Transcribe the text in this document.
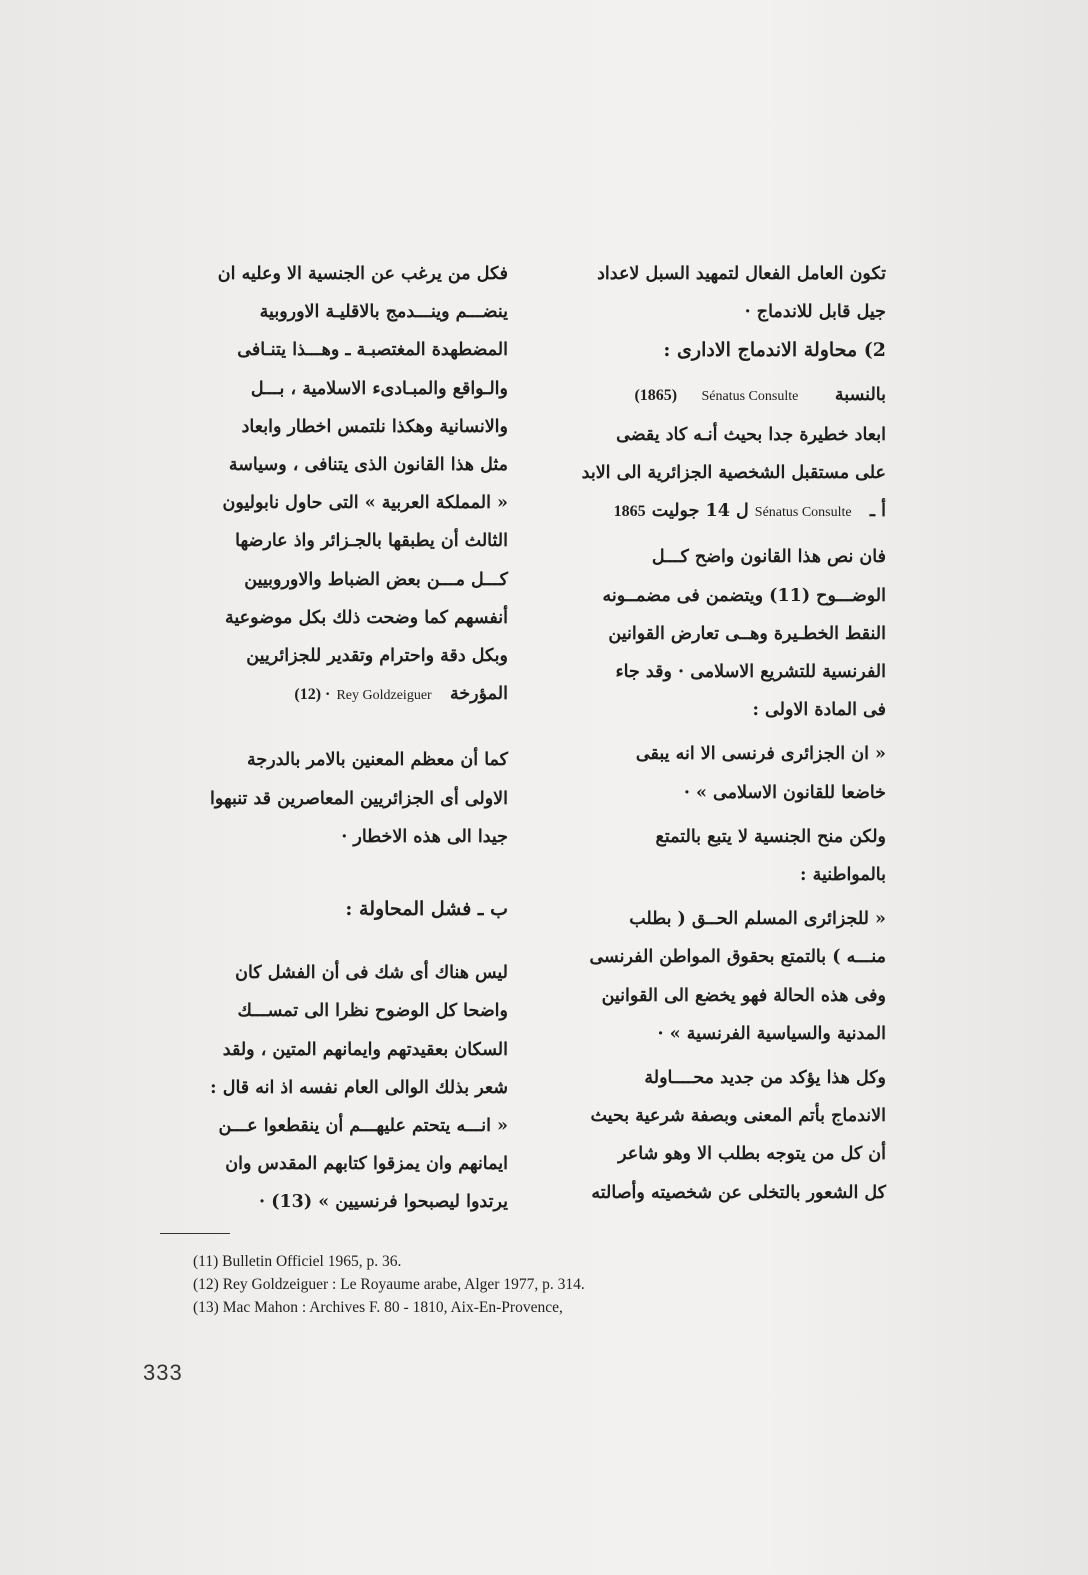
تكون العامل الفعال لتمهيد السبل لاعداد

جيل قابل للاندماج ·

2) محاولة الاندماج الادارى :

بالنسبة      Sénatus Consulte    (1865)

ابعاد خطيرة جدا بحيث أنـه كاد يقضى

على مستقبل الشخصية الجزائرية الى الابد

أ ـ   Sénatus Consulte ل 14 جوليت 1865

فان نص هذا القانون واضح كـــل

الوضـــوح (11) ويتضمن فى مضمــونه

النقط الخطـيرة وهــى تعارض القوانين

الفرنسية للتشريع الاسلامى · وقد جاء

فى المادة الاولى :

« ان الجزائرى فرنسى الا انه يبقى

خاضعا للقانون الاسلامى » ·

ولكن منح الجنسية لا يتبع بالتمتع

بالمواطنية :

« للجزائرى المسلم الحــق ( بطلب

منـــه ) بالتمتع بحقوق المواطن الفرنسى

وفى هذه الحالة فهو يخضع الى القوانين

المدنية والسياسية الفرنسية » ·

وكل هذا يؤكد من جديد محــــاولة

الاندماج بأتم المعنى وبصفة شرعية بحيث

أن كل من يتوجه بطلب الا وهو شاعر

كل الشعور بالتخلى عن شخصيته وأصالته

فكل من يرغب عن الجنسية الا وعليه ان

ينضـــم وينـــدمج بالاقليـة الاوروبية

المضطهدة المغتصبـة ـ وهـــذا يتنـافى

والـواقع والمبـادىء الاسلامية ، بـــل

والانسانية وهكذا نلتمس اخطار وابعاد

مثل هذا القانون الذى يتنافى ، وسياسة

« المملكة العربية » التى حاول نابوليون

الثالث أن يطبقها بالجـزائر واذ عارضها

كـــل مـــن بعض الضباط والاوروبيين

أنفسهم كما وضحت ذلك بكل موضوعية

وبكل دقة واحترام وتقدير للجزائريين

المؤرخة   Rey Goldzeiguer (12) ·

كما أن معظم المعنين بالامر بالدرجة

الاولى أى الجزائريين المعاصرين قد تنبهوا

جيدا الى هذه الاخطار ·

ب ـ فشل المحاولة :

ليس هناك أى شك فى أن الفشل كان

واضحا كل الوضوح نظرا الى تمســـك

السكان بعقيدتهم وايمانهم المتين ، ولقد

شعر بذلك الوالى العام نفسه اذ انه قال :

« انـــه يتحتم عليهـــم أن ينقطعوا عـــن

ايمانهم وان يمزقوا كتابهم المقدس وان

يرتدوا ليصبحوا فرنسيين » (13) ·

(11) Bulletin Officiel 1965, p. 36.
(12) Rey Goldzeiguer : Le Royaume arabe, Alger 1977, p. 314.
(13) Mac Mahon : Archives F. 80 - 1810, Aix-En-Provence,
333
